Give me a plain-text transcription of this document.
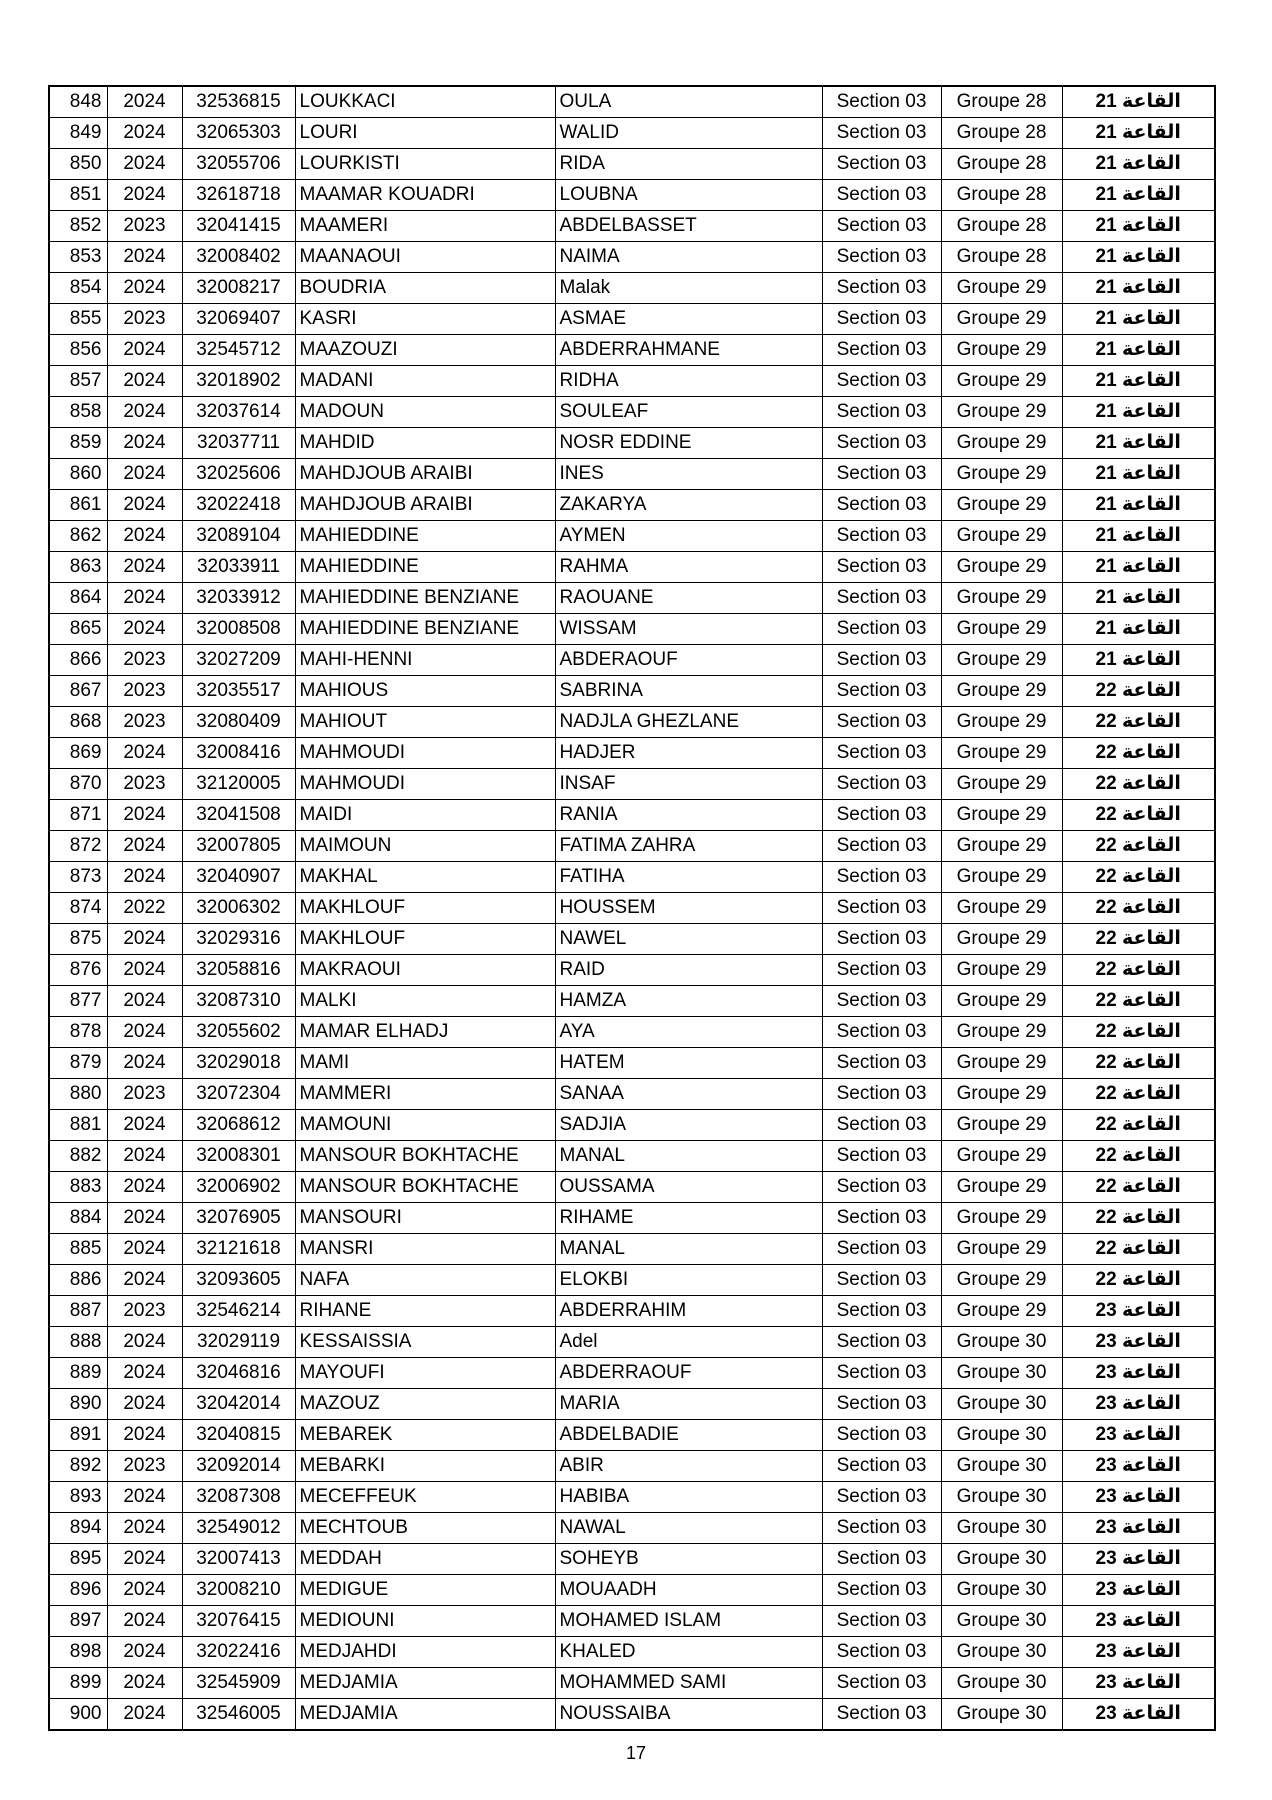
848	2024	32536815	LOUKKACI	OULA	Section 03	Groupe 28	القاعة 21
849	2024	32065303	LOURI	WALID	Section 03	Groupe 28	القاعة 21
850	2024	32055706	LOURKISTI	RIDA	Section 03	Groupe 28	القاعة 21
851	2024	32618718	MAAMAR KOUADRI	LOUBNA	Section 03	Groupe 28	القاعة 21
852	2023	32041415	MAAMERI	ABDELBASSET	Section 03	Groupe 28	القاعة 21
853	2024	32008402	MAANAOUI	NAIMA	Section 03	Groupe 28	القاعة 21
854	2024	32008217	BOUDRIA	Malak	Section 03	Groupe 29	القاعة 21
855	2023	32069407	KASRI	ASMAE	Section 03	Groupe 29	القاعة 21
856	2024	32545712	MAAZOUZI	ABDERRAHMANE	Section 03	Groupe 29	القاعة 21
857	2024	32018902	MADANI	RIDHA	Section 03	Groupe 29	القاعة 21
858	2024	32037614	MADOUN	SOULEAF	Section 03	Groupe 29	القاعة 21
859	2024	32037711	MAHDID	NOSR EDDINE	Section 03	Groupe 29	القاعة 21
860	2024	32025606	MAHDJOUB ARAIBI	INES	Section 03	Groupe 29	القاعة 21
861	2024	32022418	MAHDJOUB ARAIBI	ZAKARYA	Section 03	Groupe 29	القاعة 21
862	2024	32089104	MAHIEDDINE	AYMEN	Section 03	Groupe 29	القاعة 21
863	2024	32033911	MAHIEDDINE	RAHMA	Section 03	Groupe 29	القاعة 21
864	2024	32033912	MAHIEDDINE BENZIANE	RAOUANE	Section 03	Groupe 29	القاعة 21
865	2024	32008508	MAHIEDDINE BENZIANE	WISSAM	Section 03	Groupe 29	القاعة 21
866	2023	32027209	MAHI-HENNI	ABDERAOUF	Section 03	Groupe 29	القاعة 21
867	2023	32035517	MAHIOUS	SABRINA	Section 03	Groupe 29	القاعة 22
868	2023	32080409	MAHIOUT	NADJLA GHEZLANE	Section 03	Groupe 29	القاعة 22
869	2024	32008416	MAHMOUDI	HADJER	Section 03	Groupe 29	القاعة 22
870	2023	32120005	MAHMOUDI	INSAF	Section 03	Groupe 29	القاعة 22
871	2024	32041508	MAIDI	RANIA	Section 03	Groupe 29	القاعة 22
872	2024	32007805	MAIMOUN	FATIMA ZAHRA	Section 03	Groupe 29	القاعة 22
873	2024	32040907	MAKHAL	FATIHA	Section 03	Groupe 29	القاعة 22
874	2022	32006302	MAKHLOUF	HOUSSEM	Section 03	Groupe 29	القاعة 22
875	2024	32029316	MAKHLOUF	NAWEL	Section 03	Groupe 29	القاعة 22
876	2024	32058816	MAKRAOUI	RAID	Section 03	Groupe 29	القاعة 22
877	2024	32087310	MALKI	HAMZA	Section 03	Groupe 29	القاعة 22
878	2024	32055602	MAMAR ELHADJ	AYA	Section 03	Groupe 29	القاعة 22
879	2024	32029018	MAMI	HATEM	Section 03	Groupe 29	القاعة 22
880	2023	32072304	MAMMERI	SANAA	Section 03	Groupe 29	القاعة 22
881	2024	32068612	MAMOUNI	SADJIA	Section 03	Groupe 29	القاعة 22
882	2024	32008301	MANSOUR BOKHTACHE	MANAL	Section 03	Groupe 29	القاعة 22
883	2024	32006902	MANSOUR BOKHTACHE	OUSSAMA	Section 03	Groupe 29	القاعة 22
884	2024	32076905	MANSOURI	RIHAME	Section 03	Groupe 29	القاعة 22
885	2024	32121618	MANSRI	MANAL	Section 03	Groupe 29	القاعة 22
886	2024	32093605	NAFA	ELOKBI	Section 03	Groupe 29	القاعة 22
887	2023	32546214	RIHANE	ABDERRAHIM	Section 03	Groupe 29	القاعة 23
888	2024	32029119	KESSAISSIA	Adel	Section 03	Groupe 30	القاعة 23
889	2024	32046816	MAYOUFI	ABDERRAOUF	Section 03	Groupe 30	القاعة 23
890	2024	32042014	MAZOUZ	MARIA	Section 03	Groupe 30	القاعة 23
891	2024	32040815	MEBAREK	ABDELBADIE	Section 03	Groupe 30	القاعة 23
892	2023	32092014	MEBARKI	ABIR	Section 03	Groupe 30	القاعة 23
893	2024	32087308	MECEFFEUK	HABIBA	Section 03	Groupe 30	القاعة 23
894	2024	32549012	MECHTOUB	NAWAL	Section 03	Groupe 30	القاعة 23
895	2024	32007413	MEDDAH	SOHEYB	Section 03	Groupe 30	القاعة 23
896	2024	32008210	MEDIGUE	MOUAADH	Section 03	Groupe 30	القاعة 23
897	2024	32076415	MEDIOUNI	MOHAMED ISLAM	Section 03	Groupe 30	القاعة 23
898	2024	32022416	MEDJAHDI	KHALED	Section 03	Groupe 30	القاعة 23
899	2024	32545909	MEDJAMIA	MOHAMMED SAMI	Section 03	Groupe 30	القاعة 23
900	2024	32546005	MEDJAMIA	NOUSSAIBA	Section 03	Groupe 30	القاعة 23
17
